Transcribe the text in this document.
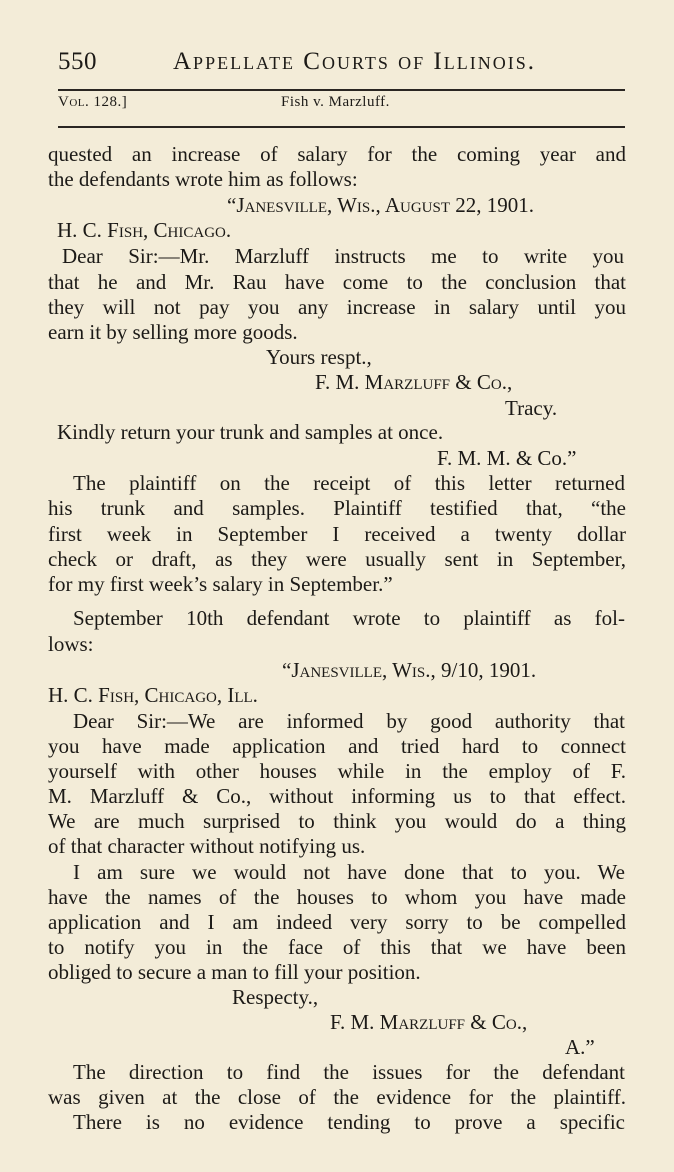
550	Appellate Courts of Illinois.
Vol. 128.]	Fish v. Marzluff.
quested an increase of salary for the coming year and
the defendants wrote him as follows:
“Janesville, Wis., August 22, 1901.
H. C. Fish, Chicago.
Dear Sir:—Mr. Marzluff instructs me to write you
that he and Mr. Rau have come to the conclusion that
they will not pay you any increase in salary until you
earn it by selling more goods.
Yours respt.,
F. M. Marzluff & Co.,
Tracy.
Kindly return your trunk and samples at once.
F. M. M. & Co.”
The plaintiff on the receipt of this letter returned
his trunk and samples. Plaintiff testified that, “the
first week in September I received a twenty dollar
check or draft, as they were usually sent in September,
for my first week’s salary in September.”
September 10th defendant wrote to plaintiff as fol-
lows:
“Janesville, Wis., 9/10, 1901.
H. C. Fish, Chicago, Ill.
Dear Sir:—We are informed by good authority that
you have made application and tried hard to connect
yourself with other houses while in the employ of F.
M. Marzluff & Co., without informing us to that effect.
We are much surprised to think you would do a thing
of that character without notifying us.
I am sure we would not have done that to you. We
have the names of the houses to whom you have made
application and I am indeed very sorry to be compelled
to notify you in the face of this that we have been
obliged to secure a man to fill your position.
Respecty.,
F. M. Marzluff & Co.,
A.”
The direction to find the issues for the defendant
was given at the close of the evidence for the plaintiff.
There is no evidence tending to prove a specific
